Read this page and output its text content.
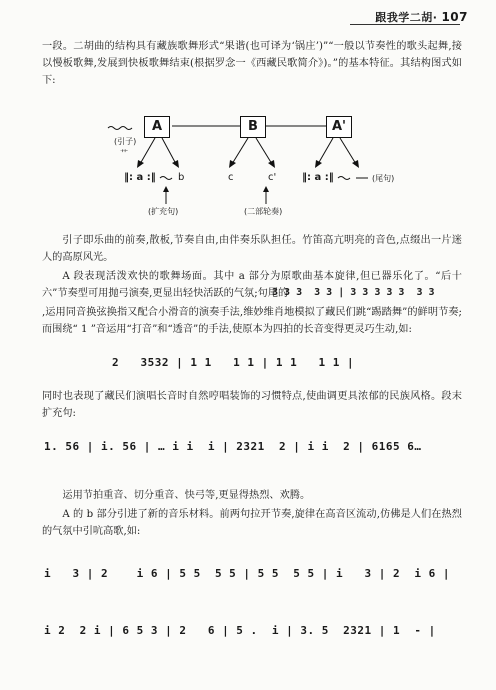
跟我学二胡· 107
一段。二胡曲的结构具有藏族歌舞形式“果谐(也可译为‘锅庄’)”“一般以节奏性的歌头起舞,接以慢板歌舞,发展到快板歌舞结束(根据罗念一《西藏民歌简介》)。”的基本特征。其结构图式如下:
A	B	A'
(引子)
艹
‖: a :‖ b	c	c'	‖: a :‖	(尾句)
(扩充句)	(二部轮奏)
引子即乐曲的前奏,散板,节奏自由,由伴奏乐队担任。竹笛高亢明亮的音色,点缀出一片迷人的高原风光。
A 段表现活泼欢快的歌舞场面。其中 a 部分为原歌曲基本旋律,但已器乐化了。“后十六”节奏型可用抛弓演奏,更显出轻快活跃的气氛;句尾的
3 3 3  3 3 | 3 3 3 3 3  3 3
,运用同音换弦换指又配合小滑音的演奏手法,维妙维肖地模拟了藏民们跳“踢踏舞”的鲜明节奏;而围绕“ 1 ”音运用“打音”和“透音”的手法,使原本为四拍的长音变得更灵巧生动,如:
2   3532 | 1 1   1 1 | 1 1   1 1 |
同时也表现了藏民们演唱长音时自然哼唱装饰的习惯特点,使曲调更具浓郁的民族风格。段末扩充句:
1. 56 | i. 56 | … i i  i | 2321  2 | i i  2 | 6165 6…
运用节拍重音、切分重音、快弓等,更显得热烈、欢腾。
A 的 b 部分引进了新的音乐材料。前两句拉开节奏,旋律在高音区流动,仿佛是人们在热烈的气氛中引吭高歌,如:
i   3 | 2    i 6 | 5 5  5 5 | 5 5  5 5 | i   3 | 2  i 6 |
i 2  2 i | 6 5 3 | 2   6 | 5 .  i | 3. 5  2321 | 1  - |
